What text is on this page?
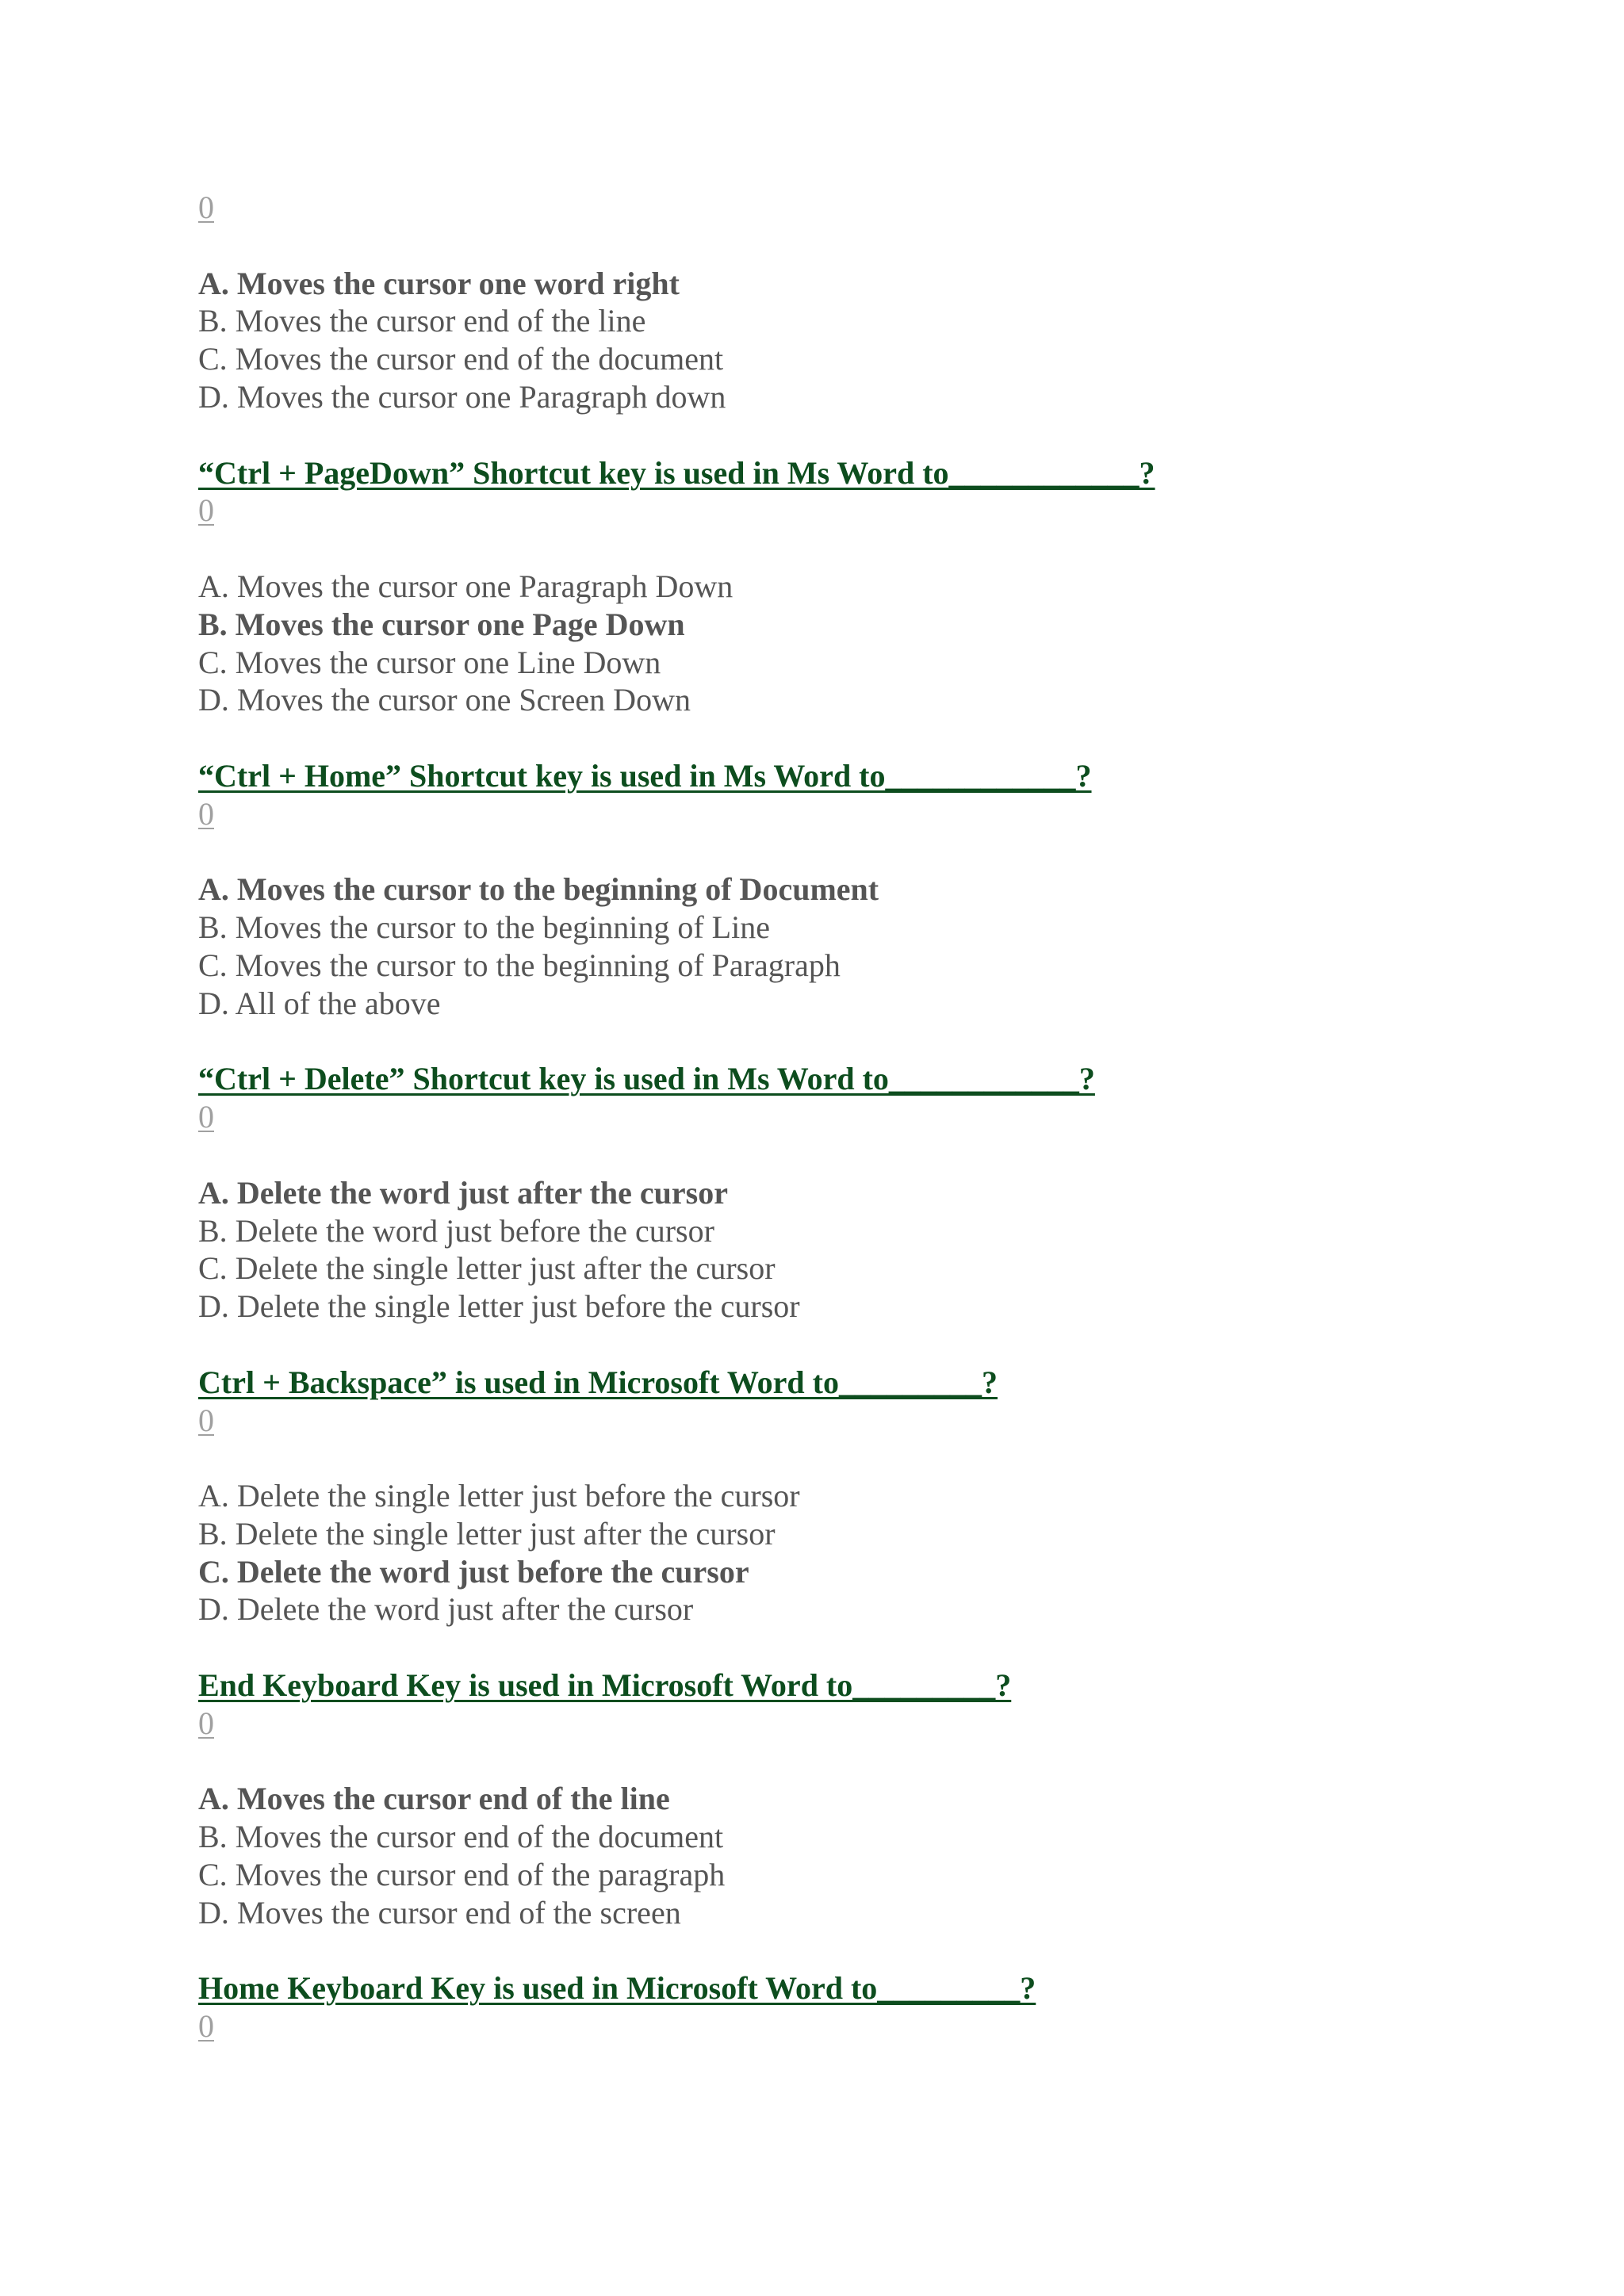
0
A. Moves the cursor one word right
B. Moves the cursor end of the line
C. Moves the cursor end of the document
D. Moves the cursor one Paragraph down
“Ctrl + PageDown” Shortcut key is used in Ms Word to____________?
0
A. Moves the cursor one Paragraph Down
B. Moves the cursor one Page Down
C. Moves the cursor one Line Down
D. Moves the cursor one Screen Down
“Ctrl + Home” Shortcut key is used in Ms Word to____________?
0
A. Moves the cursor to the beginning of Document
B. Moves the cursor to the beginning of Line
C. Moves the cursor to the beginning of Paragraph
D. All of the above
“Ctrl + Delete” Shortcut key is used in Ms Word to____________?
0
A. Delete the word just after the cursor
B. Delete the word just before the cursor
C. Delete the single letter just after the cursor
D. Delete the single letter just before the cursor
Ctrl + Backspace” is used in Microsoft Word to_________?
0
A. Delete the single letter just before the cursor
B. Delete the single letter just after the cursor
C. Delete the word just before the cursor
D. Delete the word just after the cursor
End Keyboard Key is used in Microsoft Word to_________?
0
A. Moves the cursor end of the line
B. Moves the cursor end of the document
C. Moves the cursor end of the paragraph
D. Moves the cursor end of the screen
Home Keyboard Key is used in Microsoft Word to_________?
0
